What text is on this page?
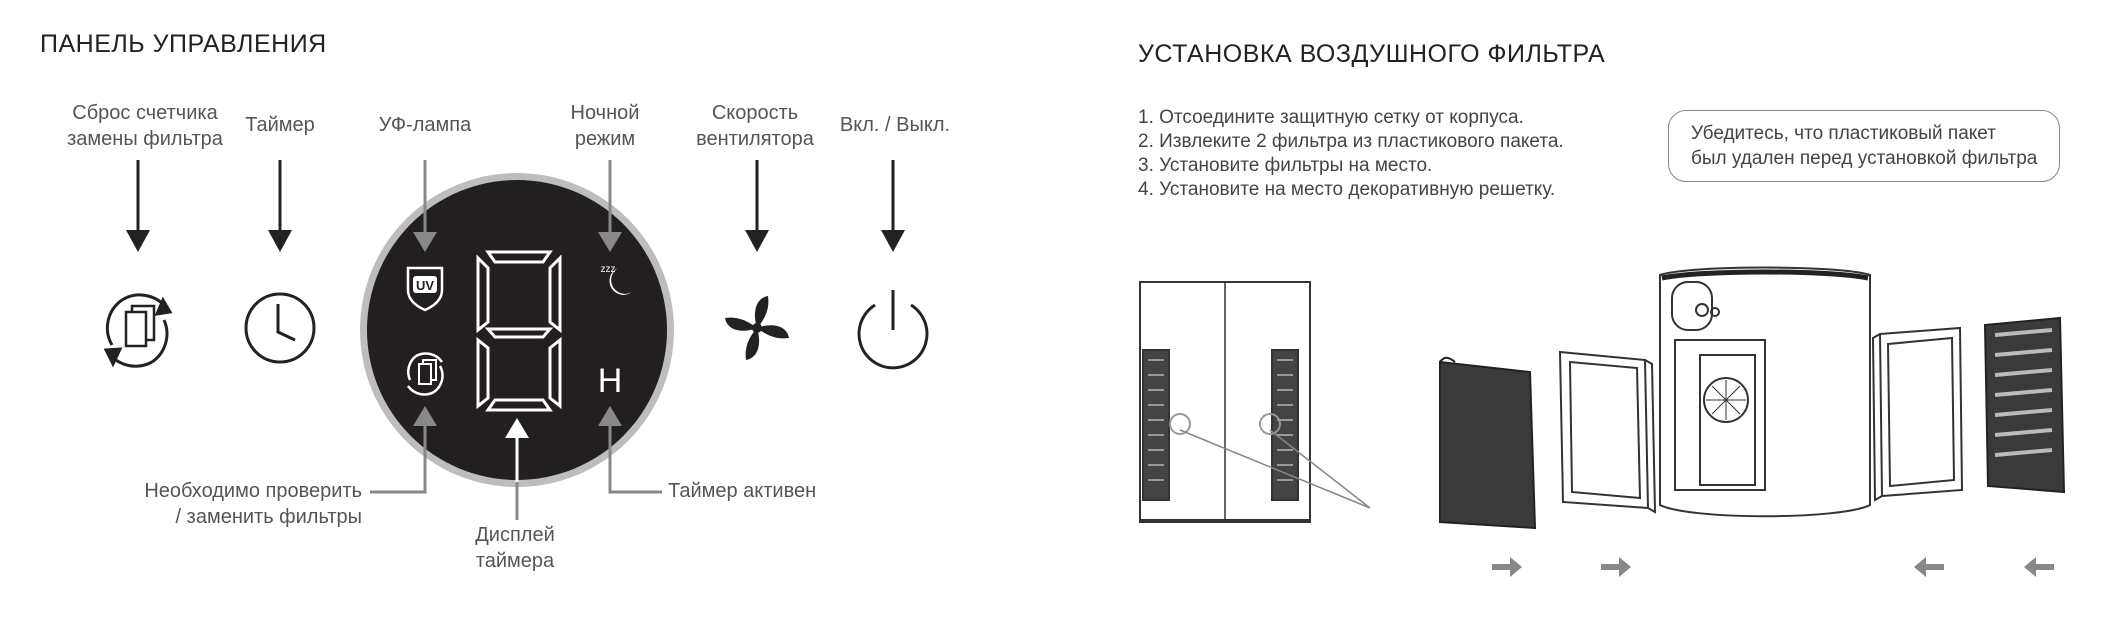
ПАНЕЛЬ УПРАВЛЕНИЯ
Сброс счетчика
замены фильтра
Таймер	УФ-лампа
Ночной
режим
Скорость
вентилятора
Вкл. / Выкл.
Необходимо проверить
/ заменить фильтры
Дисплей
таймера
Таймер активен
UV
zzz
H
УСТАНОВКА ВОЗДУШНОГО ФИЛЬТРА
1. Отсоедините защитную сетку от корпуса.
2. Извлеките 2 фильтра из пластикового пакета.
3. Установите фильтры на место.
4. Установите на место декоративную решетку.
Убедитесь, что пластиковый пакет
был удален перед установкой фильтра
